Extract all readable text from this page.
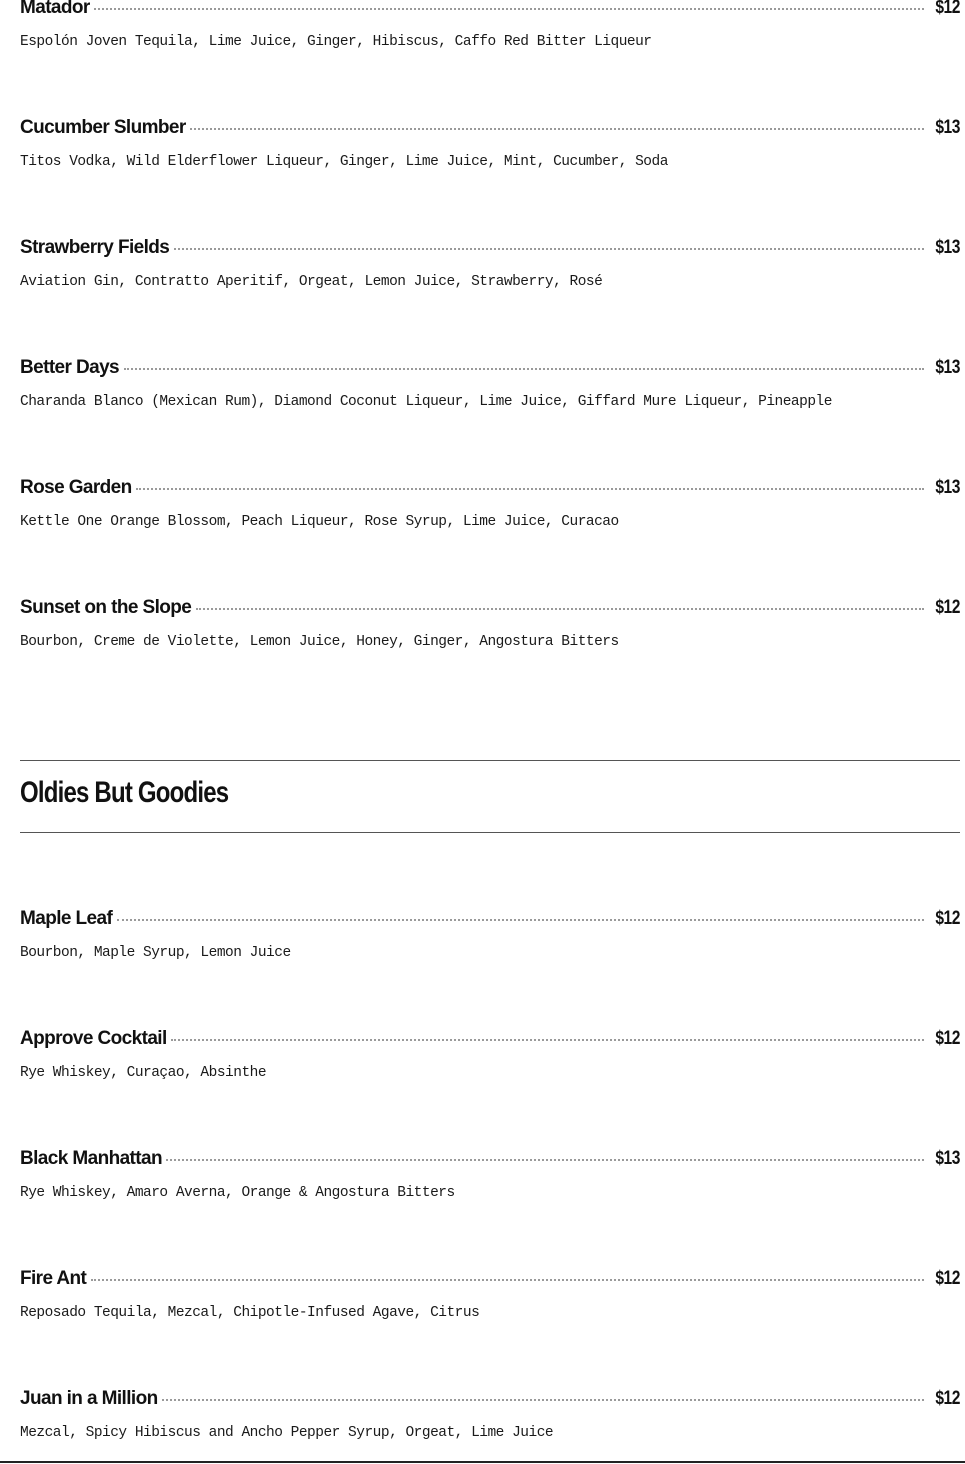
Matador	$12
Espolón Joven Tequila, Lime Juice, Ginger, Hibiscus, Caffo Red Bitter Liqueur
Cucumber Slumber	$13
Titos Vodka, Wild Elderflower Liqueur, Ginger, Lime Juice, Mint, Cucumber, Soda
Strawberry Fields	$13
Aviation Gin, Contratto Aperitif, Orgeat, Lemon Juice, Strawberry, Rosé
Better Days	$13
Charanda Blanco (Mexican Rum), Diamond Coconut Liqueur, Lime Juice, Giffard Mure Liqueur, Pineapple
Rose Garden	$13
Kettle One Orange Blossom, Peach Liqueur, Rose Syrup, Lime Juice, Curacao
Sunset on the Slope	$12
Bourbon, Creme de Violette, Lemon Juice, Honey, Ginger, Angostura Bitters
Maple Leaf	$12
Bourbon, Maple Syrup, Lemon Juice
Approve Cocktail	$12
Rye Whiskey, Curaçao, Absinthe
Black Manhattan	$13
Rye Whiskey, Amaro Averna, Orange & Angostura Bitters
Fire Ant	$12
Reposado Tequila, Mezcal, Chipotle-Infused Agave, Citrus
Juan in a Million	$12
Mezcal, Spicy Hibiscus and Ancho Pepper Syrup, Orgeat, Lime Juice
Oldies But Goodies
